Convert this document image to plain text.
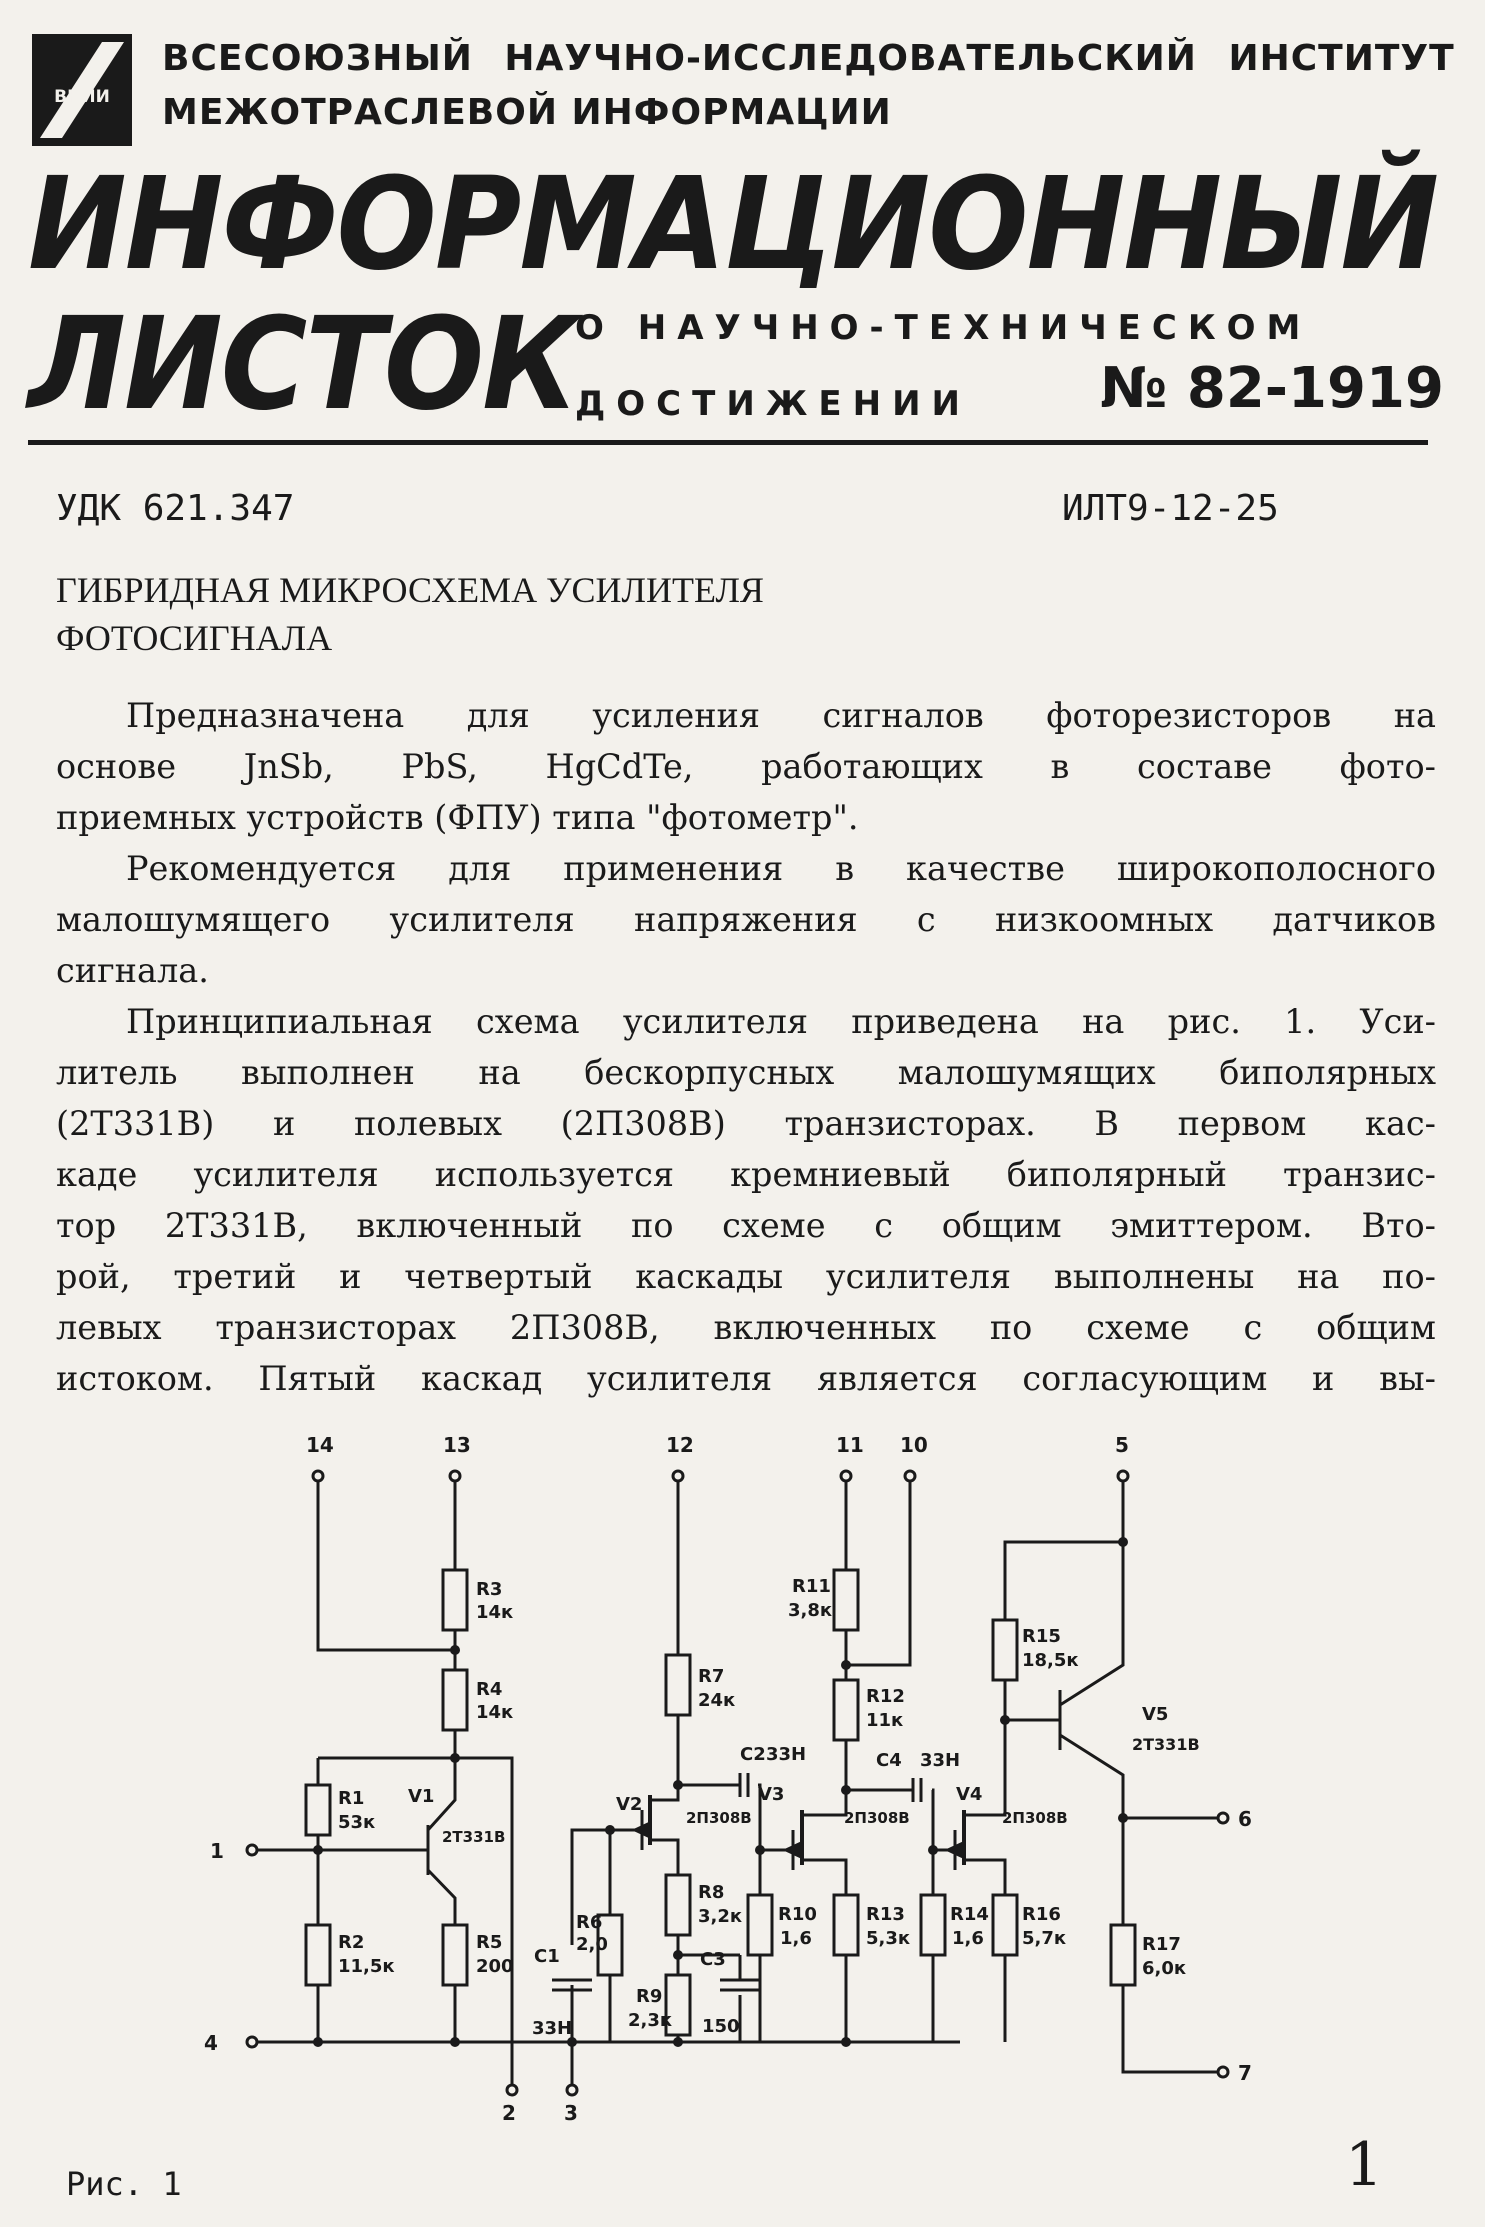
ВНИИ
ВСЕСОЮЗНЫЙ НАУЧНО-ИССЛЕДОВАТЕЛЬСКИЙ ИНСТИТУТ
МЕЖОТРАСЛЕВОЙ ИНФОРМАЦИИ
ИНФОРМАЦИОННЫЙ
ЛИСТОК
О НАУЧНО-ТЕХНИЧЕСКОМ
ДОСТИЖЕНИИ № 82-1919
УДК 621.347	ИЛТ9-12-25
ГИБРИДНАЯ МИКРОСХЕМА УСИЛИТЕЛЯ
ФОТОСИГНАЛА

Предназначена для усиления сигналов фоторезисторов на
основе JnSb, PbS, HgCdTe, работающих в составе фото-
приемных устройств (ФПУ) типа "фотометр".

Рекомендуется для применения в качестве широкополосного
малошумящего усилителя напряжения с низкоомных датчиков
сигнала.

Принципиальная схема усилителя приведена на рис. 1. Уси-
литель выполнен на бескорпусных малошумящих биполярных
(2Т331В) и полевых (2П308В) транзисторах. В первом кас-
каде усилителя используется кремниевый биполярный транзис-
тор 2Т331В, включенный по схеме с общим эмиттером. Вто-
рой, третий и четвертый каскады усилителя выполнены на по-
левых транзисторах 2П308В, включенных по схеме с общим
истоком. Пятый каскад усилителя является согласующим и вы-

14	13	12	11 10	5
1
6
4
7
2 3
R3
14к
R4
14к
R1
53к
V1
2Т331В
R2
11,5к
R5
200 C1
33Н
R6
2,0
V2
2П308В
R7
24к
C2 33Н
R8
3,2к
R9
2,3к
C3
150
V3
2П308В
R10
1,6
R11
3,8к
R12
11к
C4 33Н
R13
5,3к
V4
2П308В
R14
1,6
R15
18,5к
R16
5,7к
V5
2Т331В
R17
6,0к
Рис. 1	1
